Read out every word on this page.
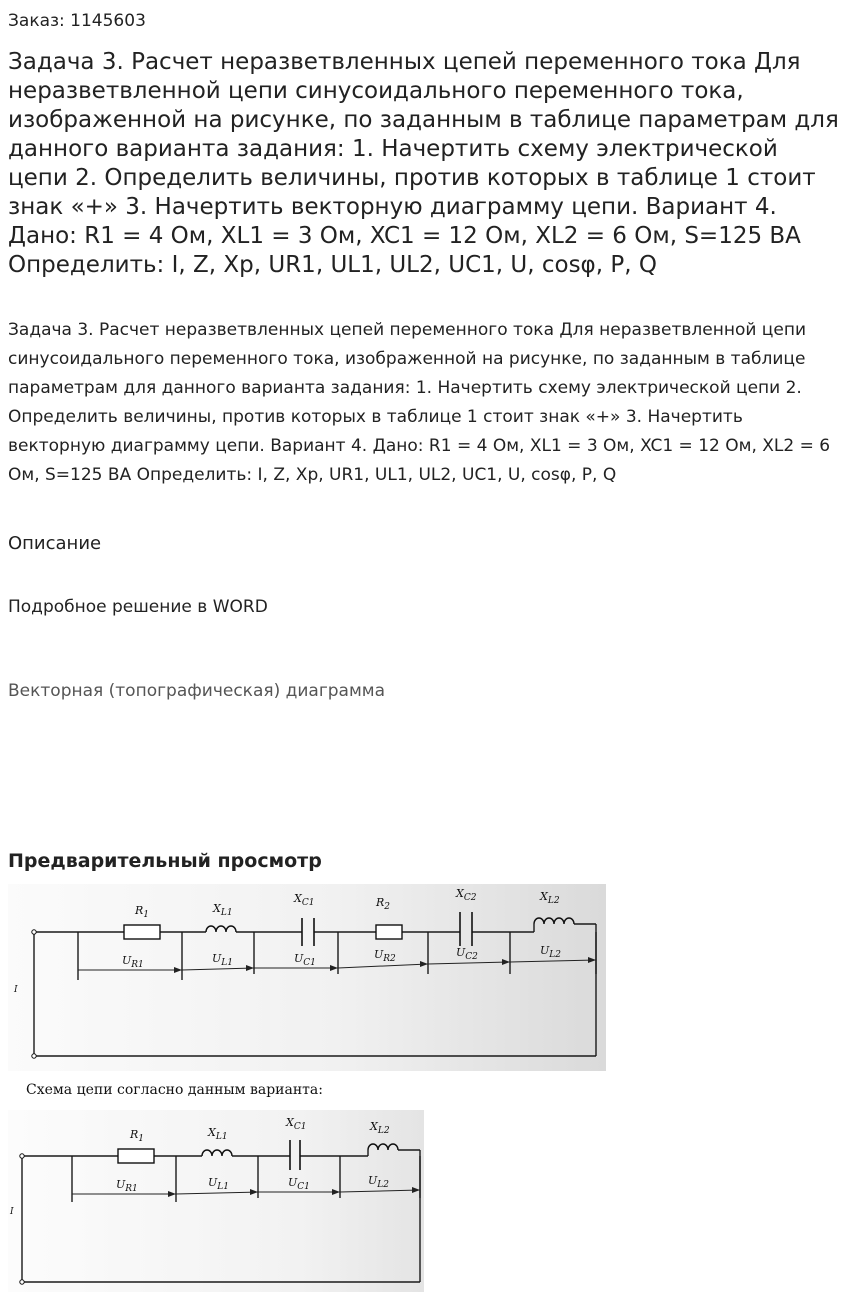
Заказ: 1145603
Задача 3. Расчет неразветвленных цепей переменного тока Для неразветвленной цепи синусоидального переменного тока, изображенной на рисунке, по заданным в таблице параметрам для данного варианта задания: 1. Начертить схему электрической цепи 2. Определить величины, против которых в таблице 1 стоит знак «+» 3. Начертить векторную диаграмму цепи. Вариант 4. Дано: R1 = 4 Ом, XL1 = 3 Ом, XC1 = 12 Ом, XL2 = 6 Ом, S=125 ВА Определить: I, Z, Xp, UR1, UL1, UL2, UC1, U, cosφ, P, Q

Задача 3. Расчет неразветвленных цепей переменного тока Для неразветвленной цепи синусоидального переменного тока, изображенной на рисунке, по заданным в таблице параметрам для данного варианта задания: 1. Начертить схему электрической цепи 2. Определить величины, против которых в таблице 1 стоит знак «+» 3. Начертить векторную диаграмму цепи. Вариант 4. Дано: R1 = 4 Ом, XL1 = 3 Ом, XC1 = 12 Ом, XL2 = 6 Ом, S=125 ВА Определить: I, Z, Xp, UR1, UL1, UL2, UC1, U, cosφ, P, Q

Описание
Подробное решение в WORD
Векторная (топографическая) диаграмма
Предварительный просмотр
$R_1$	$X_{L1}$
$X_{C1}$	$R_2$
$X_{C2}$	$X_{L2}$
$U_{R1}$	$U_{L1}$	$U_{C1}$
$U_{R2}$	$U_{C2}$	$U_{L2}$
I
Схема цепи согласно данным варианта:
$R_1$	$X_{L1}$
$X_{C1}$	$X_{L2}$
$U_{R1}$	$U_{L1}$	$U_{C1}$	$U_{L2}$
I
